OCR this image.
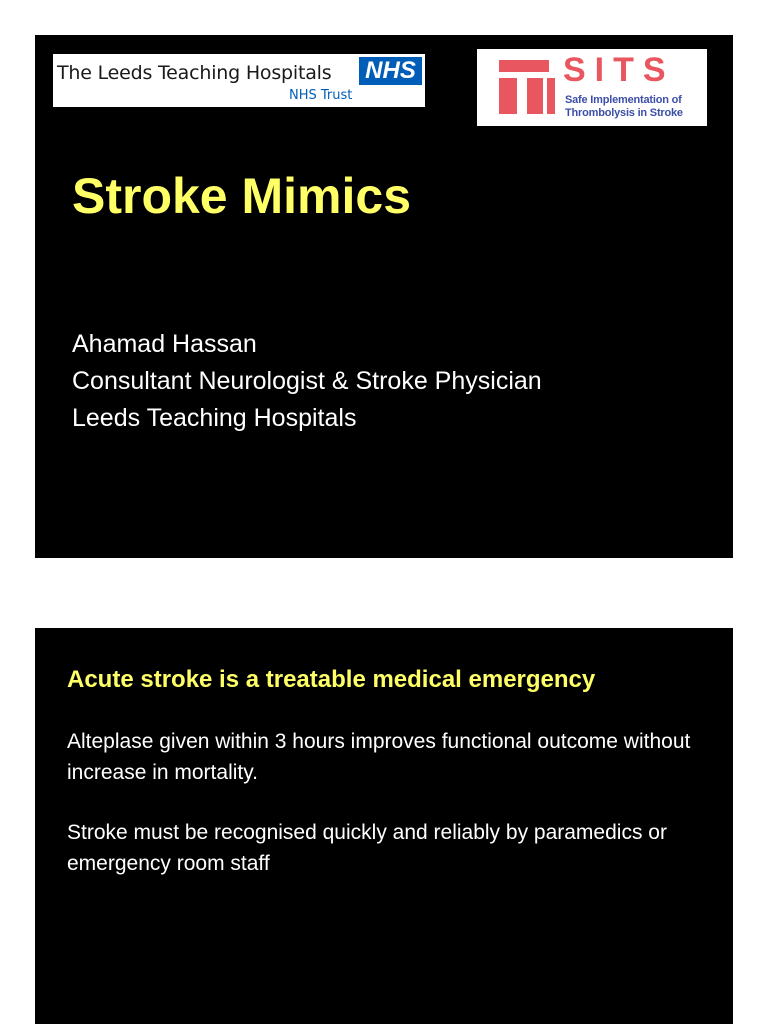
The Leeds Teaching Hospitals NHS
NHS Trust
SITS
Safe Implementation of
Thrombolysis in Stroke
Stroke Mimics
Ahamad Hassan
Consultant Neurologist & Stroke Physician
Leeds Teaching Hospitals
Acute stroke is a treatable medical emergency

Alteplase given within 3 hours improves functional outcome without increase in mortality.

Stroke must be recognised quickly and reliably by paramedics or emergency room staff
